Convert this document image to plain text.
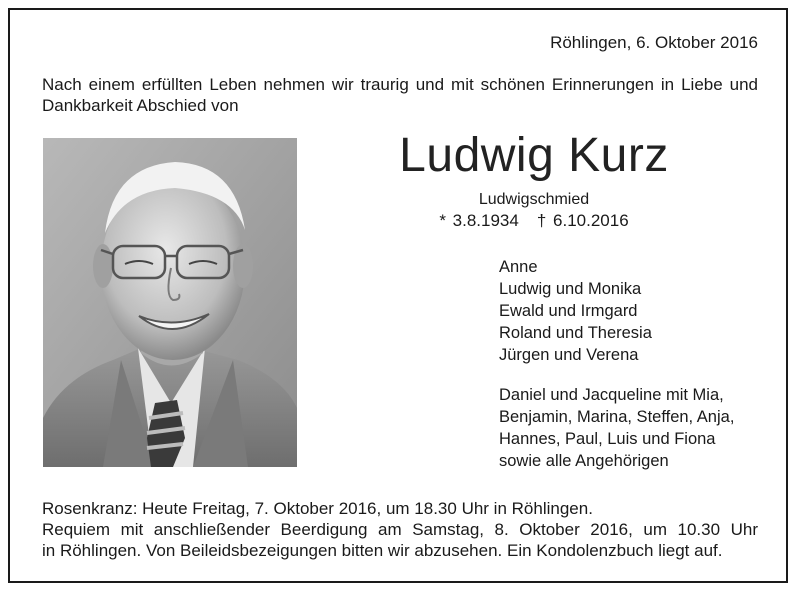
Röhlingen, 6. Oktober 2016
Nach einem erfüllten Leben nehmen wir traurig und mit schönen Erinnerungen in Liebe und Dankbarkeit Abschied von
Ludwig Kurz
Ludwigschmied
* 3.8.1934 † 6.10.2016
Anne
Ludwig und Monika
Ewald und Irmgard
Roland und Theresia
Jürgen und Verena
Daniel und Jacqueline mit Mia,
Benjamin, Marina, Steffen, Anja,
Hannes, Paul, Luis und Fiona
sowie alle Angehörigen
Rosenkranz: Heute Freitag, 7. Oktober 2016, um 18.30 Uhr in Röhlingen.
Requiem mit anschließender Beerdigung am Samstag, 8. Oktober 2016, um 10.30 Uhr
in Röhlingen. Von Beileidsbezeigungen bitten wir abzusehen. Ein Kondolenzbuch liegt auf.
